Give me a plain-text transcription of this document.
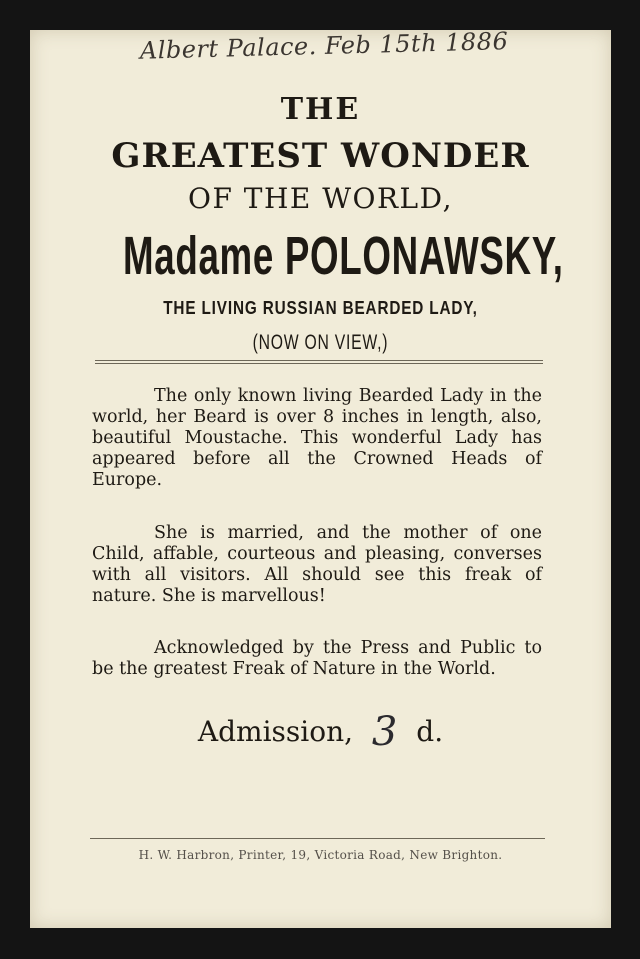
Albert Palace. Feb 15th 1886
THE
GREATEST WONDER
OF THE WORLD,
Madame POLONAWSKY,
THE LIVING RUSSIAN BEARDED LADY,
(NOW ON VIEW,)
The only known living Bearded Lady in the world, her Beard is over 8 inches in length, also, beautiful Moustache. This wonderful Lady has appeared before all the Crowned Heads of Europe.
She is married, and the mother of one Child, affable, courteous and pleasing, converses with all visitors. All should see this freak of nature. She is marvellous!
Acknowledged by the Press and Public to be the greatest Freak of Nature in the World.
Admission, 3 d.
H. W. Harbron, Printer, 19, Victoria Road, New Brighton.
